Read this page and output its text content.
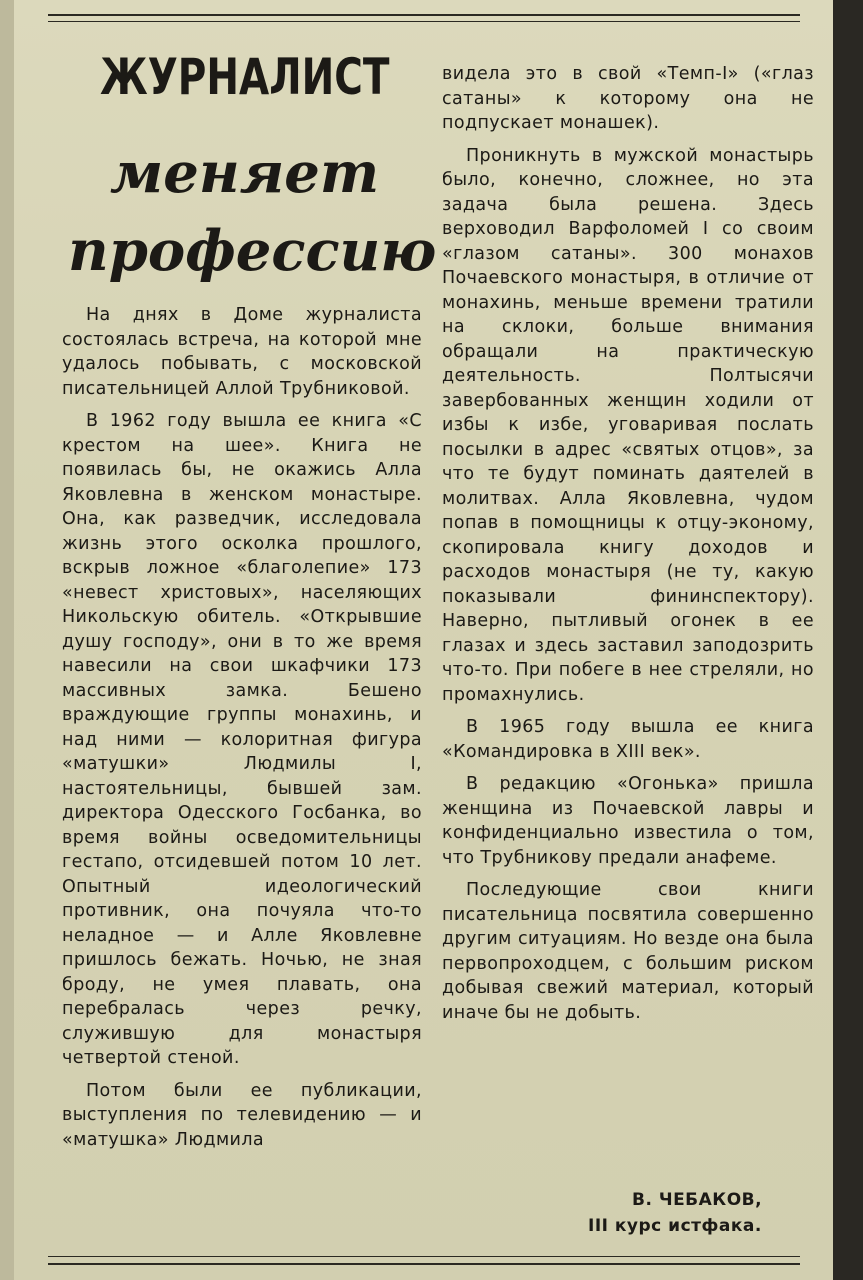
ЖУРНАЛИСТ
меняет
профессию

На днях в Доме журналиста состоялась встреча, на которой мне удалось побывать, с московской писательницей Аллой Трубниковой.

В 1962 году вышла ее книга «С крестом на шее». Книга не появилась бы, не окажись Алла Яковлевна в женском монастыре. Она, как разведчик, исследовала жизнь этого осколка прошлого, вскрыв ложное «благолепие» 173 «невест христовых», населяющих Никольскую обитель. «Открывшие душу господу», они в то же время навесили на свои шкафчики 173 массивных замка. Бешено враждующие группы монахинь, и над ними — колоритная фигура «матушки» Людмилы I, настоятельницы, бывшей зам. директора Одесского Госбанка, во время войны осведомительницы гестапо, отсидевшей потом 10 лет. Опытный идеологический противник, она почуяла что-то неладное — и Алле Яковлевне пришлось бежать. Ночью, не зная броду, не умея плавать, она перебралась через речку, служившую для монастыря четвертой стеной.

Потом были ее публикации, выступления по телевидению — и «матушка» Людмила

видела это в свой «Темп-I» («глаз сатаны» к которому она не подпускает монашек).

Проникнуть в мужской монастырь было, конечно, сложнее, но эта задача была решена. Здесь верховодил Варфоломей I со своим «глазом сатаны». 300 монахов Почаевского монастыря, в отличие от монахинь, меньше времени тратили на склоки, больше внимания обращали на практическую деятельность. Полтысячи завербованных женщин ходили от избы к избе, уговаривая послать посылки в адрес «святых отцов», за что те будут поминать даятелей в молитвах. Алла Яковлевна, чудом попав в помощницы к отцу-эконому, скопировала книгу доходов и расходов монастыря (не ту, какую показывали фининспектору). Наверно, пытливый огонек в ее глазах и здесь заставил заподозрить что-то. При побеге в нее стреляли, но промахнулись.

В 1965 году вышла ее книга «Командировка в XIII век».

В редакцию «Огонька» пришла женщина из Почаевской лавры и конфиденциально известила о том, что Трубникову предали анафеме.

Последующие свои книги писательница посвятила совершенно другим ситуациям. Но везде она была первопроходцем, с большим риском добывая свежий материал, который иначе бы не добыть.

В. ЧЕБАКОВ,
III курс истфака.
